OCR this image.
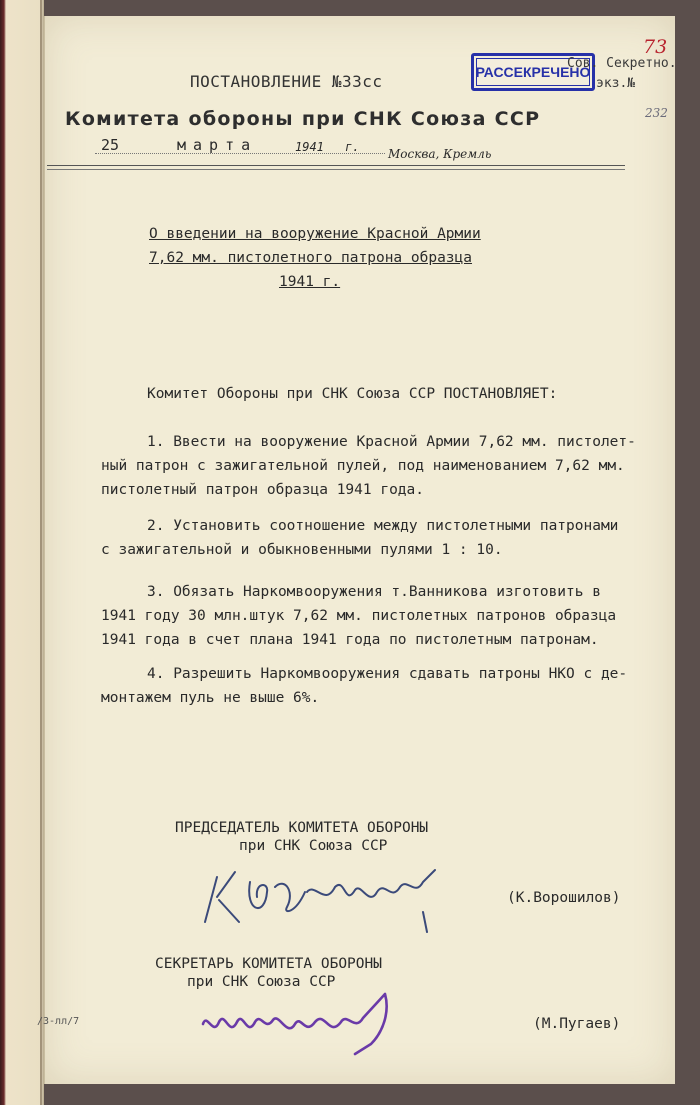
ПОСТАНОВЛЕНИЕ №33сс
Комитета обороны при СНК Союза ССР
25	марта	1941 г. Москва, Кремль
РАССЕКРЕЧЕНО
Сов. Секретно.
экз.№
73
232
О введении на вооружение Красной Армии
7,62 мм. пистолетного патрона образца
1941 г.
Комитет Обороны при СНК Союза ССР ПОСТАНОВЛЯЕТ:
1. Ввести на вооружение Красной Армии 7,62 мм. пистолет-
ный патрон с зажигательной пулей, под наименованием 7,62 мм.
пистолетный патрон образца 1941 года.
2. Установить соотношение между пистолетными патронами
с зажигательной и обыкновенными пулями 1 : 10.
3. Обязать Наркомвооружения т.Ванникова изготовить в
1941 году 30 млн.штук 7,62 мм. пистолетных патронов образца
1941 года в счет плана 1941 года по пистолетным патронам.
4. Разрешить Наркомвооружения сдавать патроны НКО с де-
монтажем пуль не выше 6%.
ПРЕДСЕДАТЕЛЬ КОМИТЕТА ОБОРОНЫ
при СНК Союза ССР
(К.Ворошилов)
СЕКРЕТАРЬ КОМИТЕТА ОБОРОНЫ
при СНК Союза ССР
(М.Пугаев)
/3-лл/7
